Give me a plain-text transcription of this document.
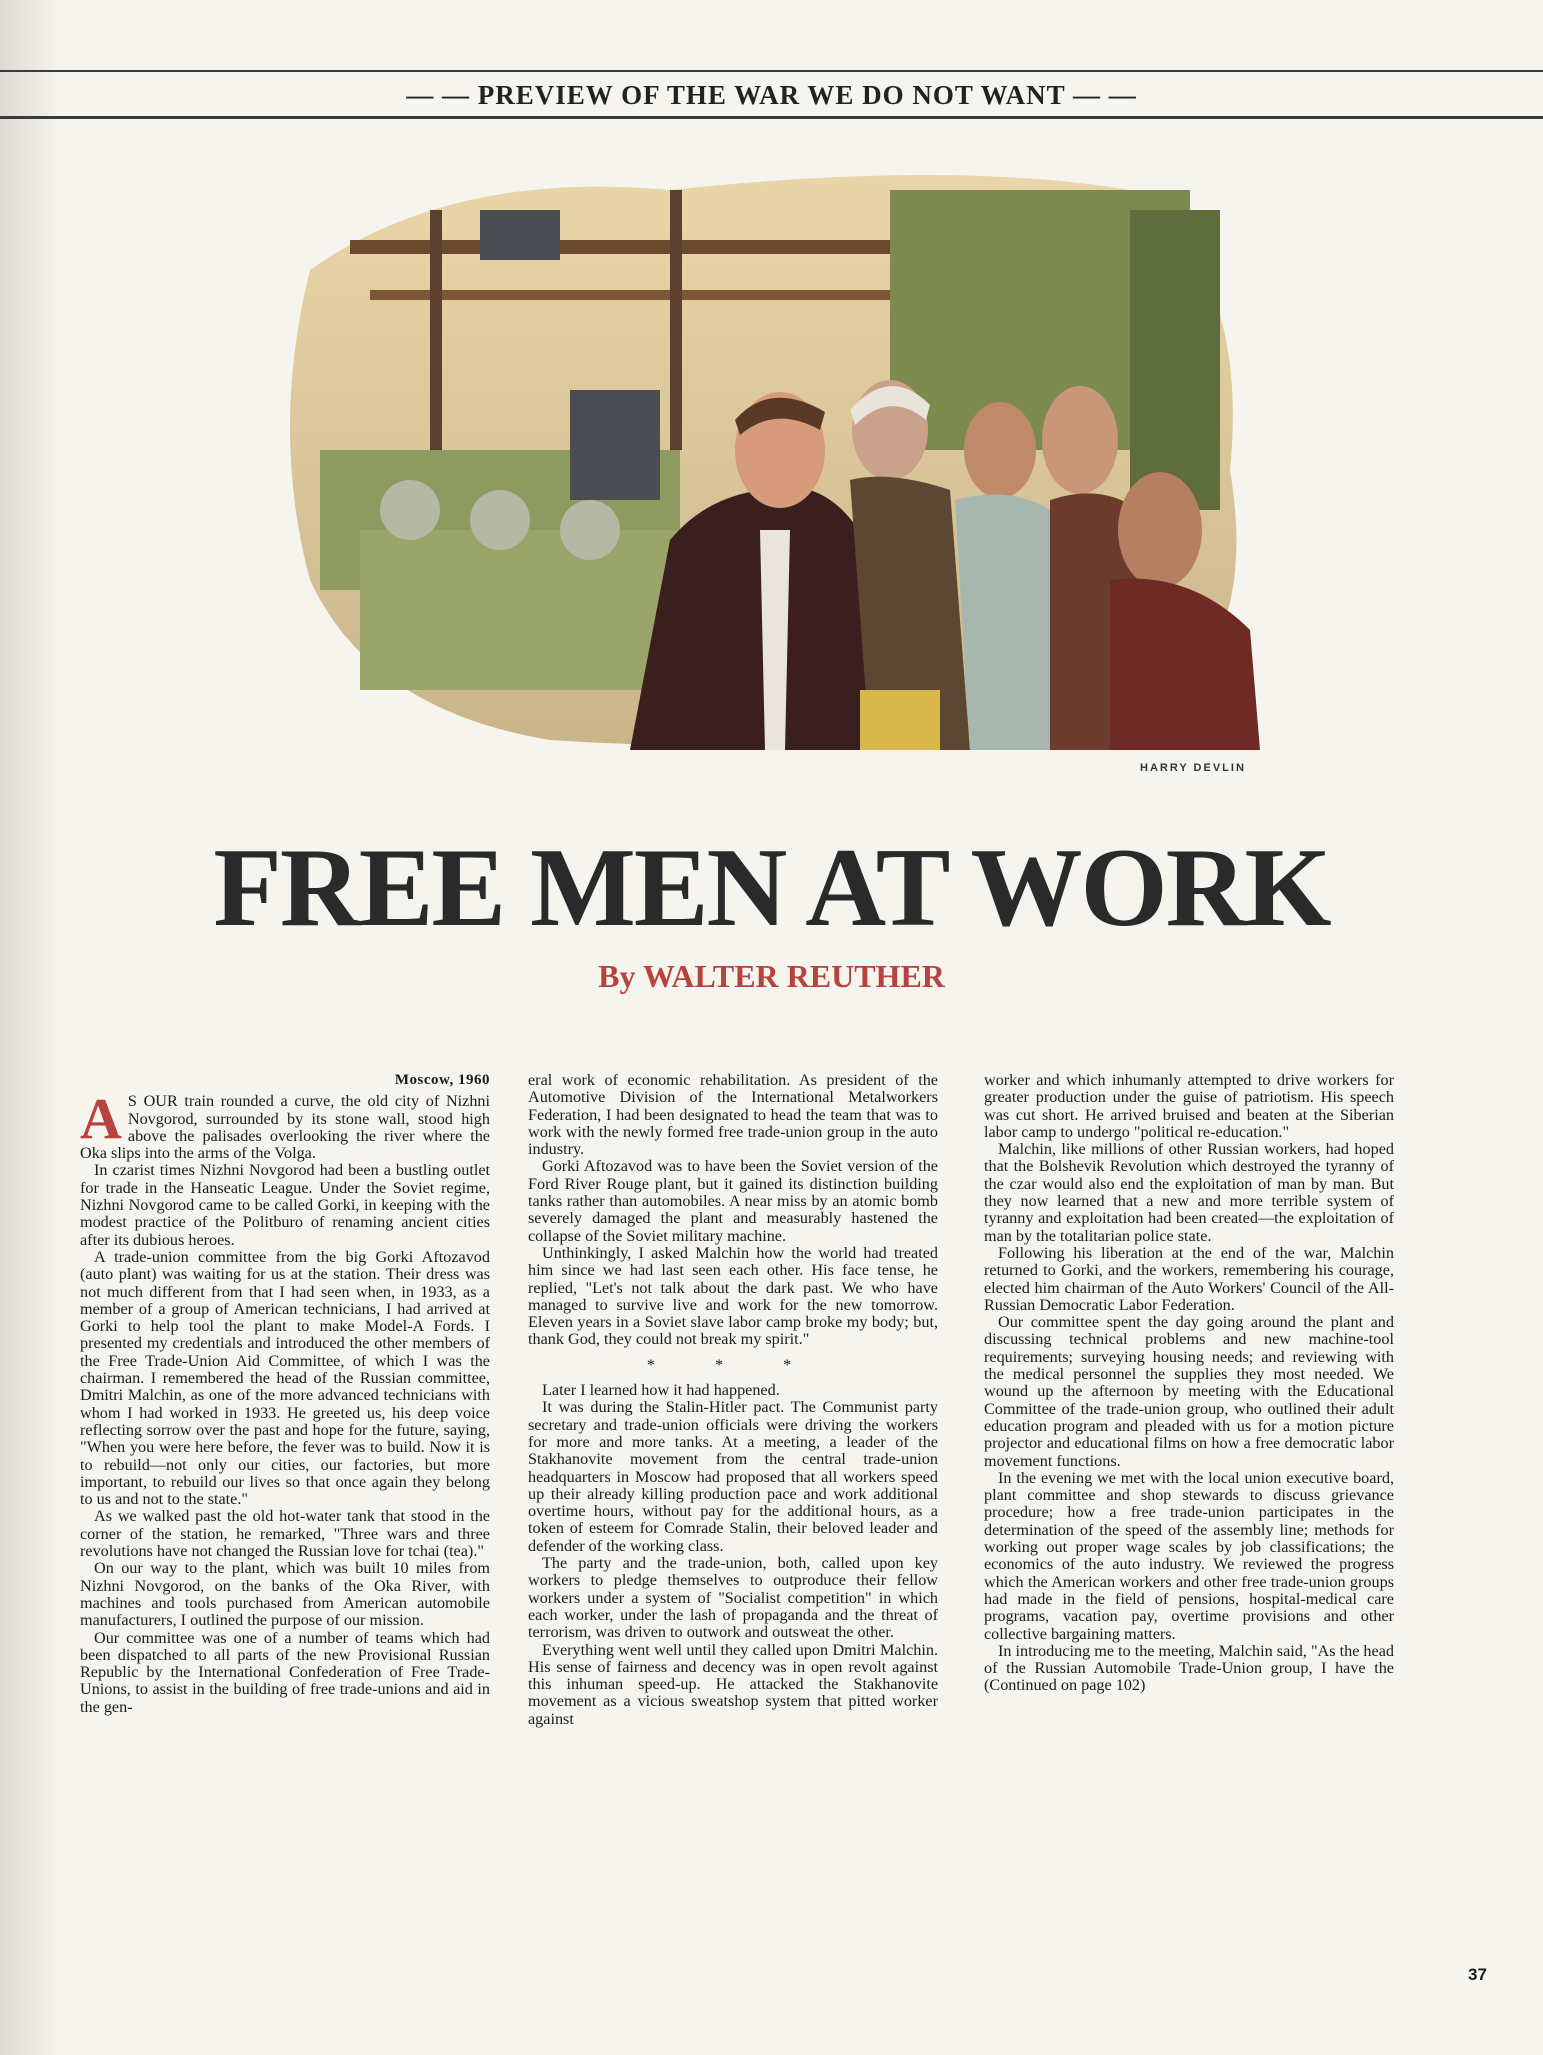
— — PREVIEW OF THE WAR WE DO NOT WANT — —
HARRY DEVLIN
FREE MEN AT WORK
By WALTER REUTHER
Moscow, 1960
A S OUR train rounded a curve, the old city of Nizhni Novgorod, surrounded by its stone wall, stood high above the palisades overlooking the river where the Oka slips into the arms of the Volga.

In czarist times Nizhni Novgorod had been a bustling outlet for trade in the Hanseatic League. Under the Soviet regime, Nizhni Novgorod came to be called Gorki, in keeping with the modest practice of the Politburo of renaming ancient cities after its dubious heroes.

A trade-union committee from the big Gorki Aftozavod (auto plant) was waiting for us at the station. Their dress was not much different from that I had seen when, in 1933, as a member of a group of American technicians, I had arrived at Gorki to help tool the plant to make Model-A Fords. I presented my credentials and introduced the other members of the Free Trade-Union Aid Committee, of which I was the chairman. I remembered the head of the Russian committee, Dmitri Malchin, as one of the more advanced technicians with whom I had worked in 1933. He greeted us, his deep voice reflecting sorrow over the past and hope for the future, saying, "When you were here before, the fever was to build. Now it is to rebuild—not only our cities, our factories, but more important, to rebuild our lives so that once again they belong to us and not to the state."

As we walked past the old hot-water tank that stood in the corner of the station, he remarked, "Three wars and three revolutions have not changed the Russian love for tchai (tea)."

On our way to the plant, which was built 10 miles from Nizhni Novgorod, on the banks of the Oka River, with machines and tools purchased from American automobile manufacturers, I outlined the purpose of our mission.

Our committee was one of a number of teams which had been dispatched to all parts of the new Provisional Russian Republic by the International Confederation of Free Trade-Unions, to assist in the building of free trade-unions and aid in the gen-

eral work of economic rehabilitation. As president of the Automotive Division of the International Metalworkers Federation, I had been designated to head the team that was to work with the newly formed free trade-union group in the auto industry.

Gorki Aftozavod was to have been the Soviet version of the Ford River Rouge plant, but it gained its distinction building tanks rather than automobiles. A near miss by an atomic bomb severely damaged the plant and measurably hastened the collapse of the Soviet military machine.

Unthinkingly, I asked Malchin how the world had treated him since we had last seen each other. His face tense, he replied, "Let's not talk about the dark past. We who have managed to survive live and work for the new tomorrow. Eleven years in a Soviet slave labor camp broke my body; but, thank God, they could not break my spirit."

* * *

Later I learned how it had happened.

It was during the Stalin-Hitler pact. The Communist party secretary and trade-union officials were driving the workers for more and more tanks. At a meeting, a leader of the Stakhanovite movement from the central trade-union headquarters in Moscow had proposed that all workers speed up their already killing production pace and work additional overtime hours, without pay for the additional hours, as a token of esteem for Comrade Stalin, their beloved leader and defender of the working class.

The party and the trade-union, both, called upon key workers to pledge themselves to outproduce their fellow workers under a system of "Socialist competition" in which each worker, under the lash of propaganda and the threat of terrorism, was driven to outwork and outsweat the other.

Everything went well until they called upon Dmitri Malchin. His sense of fairness and decency was in open revolt against this inhuman speed-up. He attacked the Stakhanovite movement as a vicious sweatshop system that pitted worker against

worker and which inhumanly attempted to drive workers for greater production under the guise of patriotism. His speech was cut short. He arrived bruised and beaten at the Siberian labor camp to undergo "political re-education."

Malchin, like millions of other Russian workers, had hoped that the Bolshevik Revolution which destroyed the tyranny of the czar would also end the exploitation of man by man. But they now learned that a new and more terrible system of tyranny and exploitation had been created—the exploitation of man by the totalitarian police state.

Following his liberation at the end of the war, Malchin returned to Gorki, and the workers, remembering his courage, elected him chairman of the Auto Workers' Council of the All-Russian Democratic Labor Federation.

Our committee spent the day going around the plant and discussing technical problems and new machine-tool requirements; surveying housing needs; and reviewing with the medical personnel the supplies they most needed. We wound up the afternoon by meeting with the Educational Committee of the trade-union group, who outlined their adult education program and pleaded with us for a motion picture projector and educational films on how a free democratic labor movement functions.

In the evening we met with the local union executive board, plant committee and shop stewards to discuss grievance procedure; how a free trade-union participates in the determination of the speed of the assembly line; methods for working out proper wage scales by job classifications; the economics of the auto industry. We reviewed the progress which the American workers and other free trade-union groups had made in the field of pensions, hospital-medical care programs, vacation pay, overtime provisions and other collective bargaining matters.

In introducing me to the meeting, Malchin said, "As the head of the Russian Automobile Trade-Union group, I have the (Continued on page 102)

37
